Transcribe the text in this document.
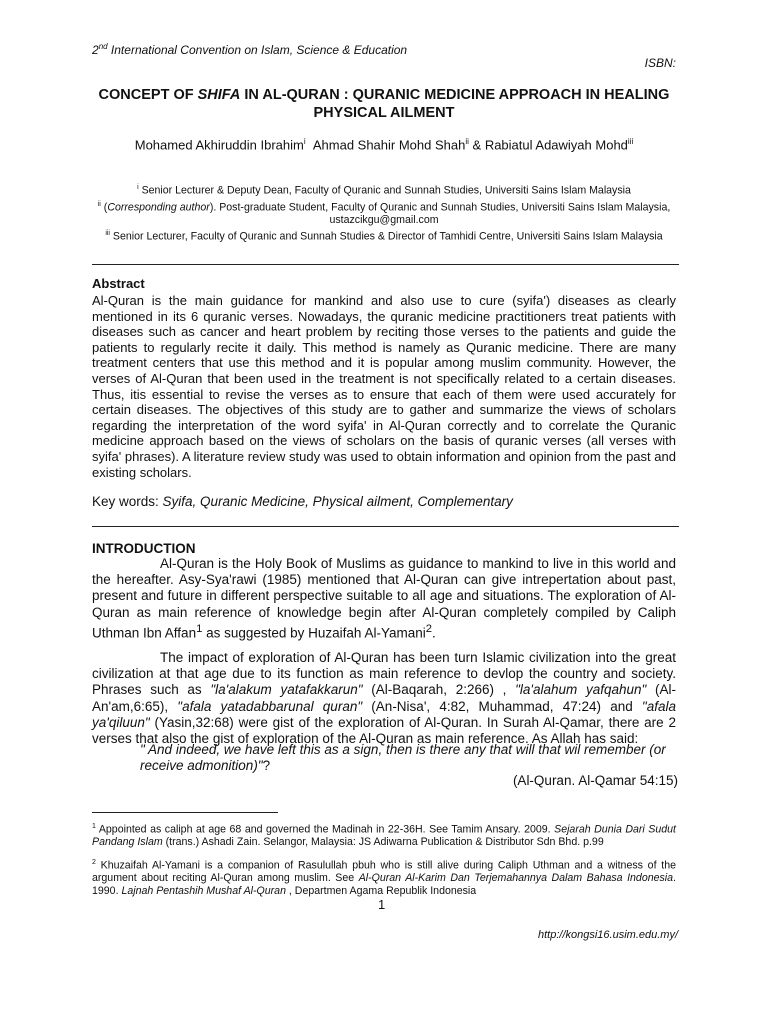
2nd International Convention on Islam, Science & Education
ISBN:
CONCEPT OF SHIFA IN AL-QURAN : QURANIC MEDICINE APPROACH IN HEALING PHYSICAL AILMENT
Mohamed Akhiruddin Ibrahim$^i$ Ahmad Shahir Mohd Shah$^{ii}$ & Rabiatul Adawiyah Mohd$^{iii}$
$^i$ Senior Lecturer & Deputy Dean, Faculty of Quranic and Sunnah Studies, Universiti Sains Islam Malaysia
$^{ii}$ (Corresponding author). Post-graduate Student, Faculty of Quranic and Sunnah Studies, Universiti Sains Islam Malaysia, ustazcikgu@gmail.com
$^{iii}$ Senior Lecturer, Faculty of Quranic and Sunnah Studies & Director of Tamhidi Centre, Universiti Sains Islam Malaysia
Abstract
Al-Quran is the main guidance for mankind and also use to cure (syifa') diseases as clearly mentioned in its 6 quranic verses. Nowadays, the quranic medicine practitioners treat patients with diseases such as cancer and heart problem by reciting those verses to the patients and guide the patients to regularly recite it daily. This method is namely as Quranic medicine. There are many treatment centers that use this method and it is popular among muslim community. However, the verses of Al-Quran that been used in the treatment is not specifically related to a certain diseases. Thus, itis essential to revise the verses as to ensure that each of them were used accurately for certain diseases. The objectives of this study are to gather and summarize the views of scholars regarding the interpretation of the word syifa' in Al-Quran correctly and to correlate the Quranic medicine approach based on the views of scholars on the basis of quranic verses (all verses with syifa' phrases). A literature review study was used to obtain information and opinion from the past and existing scholars.
Key words: Syifa, Quranic Medicine, Physical ailment, Complementary
INTRODUCTION
Al-Quran is the Holy Book of Muslims as guidance to mankind to live in this world and the hereafter. Asy-Sya'rawi (1985) mentioned that Al-Quran can give intrepertation about past, present and future in different perspective suitable to all age and situations. The exploration of Al-Quran as main reference of knowledge begin after Al-Quran completely compiled by Caliph Uthman Ibn Affan$^1$ as suggested by Huzaifah Al-Yamani$^2$.
The impact of exploration of Al-Quran has been turn Islamic civilization into the great civilization at that age due to its function as main reference to devlop the country and society. Phrases such as "la'alakum yatafakkarun" (Al-Baqarah, 2:266) , "la'alahum yafqahun" (Al-An'am,6:65), "afala yatadabbarunal quran" (An-Nisa', 4:82, Muhammad, 47:24) and "afala ya'qiluun" (Yasin,32:68) were gist of the exploration of Al-Quran. In Surah Al-Qamar, there are 2 verses that also the gist of exploration of the Al-Quran as main reference. As Allah has said:
" And indeed, we have left this as a sign, then is there any that will that wil remember (or receive admonition)"?
(Al-Quran. Al-Qamar 54:15)
$^1$ Appointed as caliph at age 68 and governed the Madinah in 22-36H. See Tamim Ansary. 2009. Sejarah Dunia Dari Sudut Pandang Islam (trans.) Ashadi Zain. Selangor, Malaysia: JS Adiwarna Publication & Distributor Sdn Bhd. p.99
$^2$ Khuzaifah Al-Yamani is a companion of Rasulullah pbuh who is still alive during Caliph Uthman and a witness of the argument about reciting Al-Quran among muslim. See Al-Quran Al-Karim Dan Terjemahannya Dalam Bahasa Indonesia. 1990. Lajnah Pentashih Mushaf Al-Quran , Departmen Agama Republik Indonesia
1
http://kongsi16.usim.edu.my/
